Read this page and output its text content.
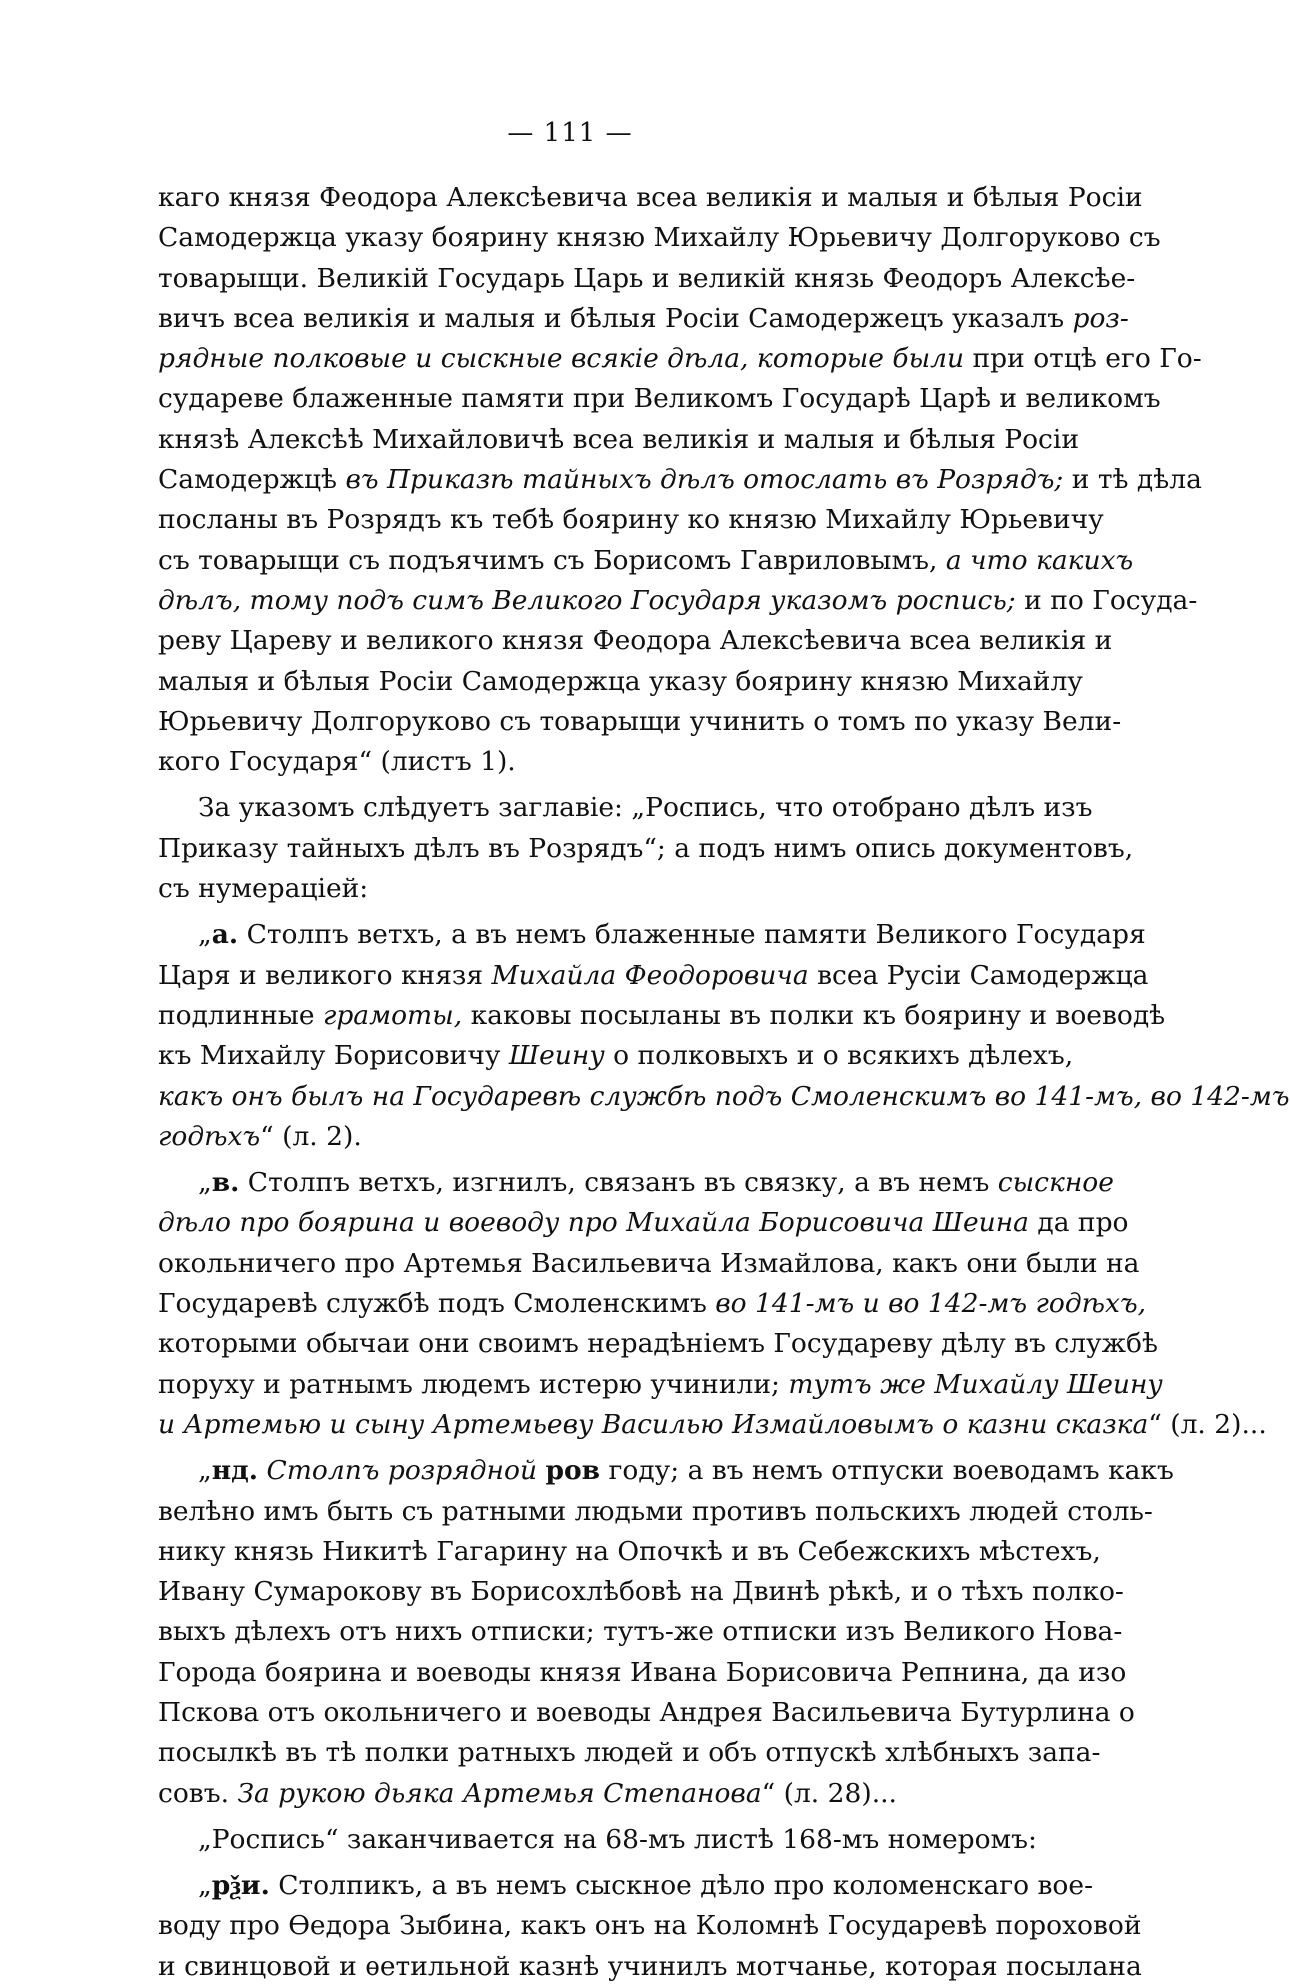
— 111 —

каго князя Феодора Алексѣевича всеа великія и малыя и бѣлыя Росіи

Самодержца указу боярину князю Михайлу Юрьевичу Долгоруково съ

товарыщи. Великій Государь Царь и великій князь Феодоръ Алексѣе-

вичъ всеа великія и малыя и бѣлыя Росіи Самодержецъ указалъ роз-

рядные полковые и сыскные всякіе дѣла, которые были при отцѣ его Го-

судареве блаженные памяти при Великомъ Государѣ Царѣ и великомъ

князѣ Алексѣѣ Михайловичѣ всеа великія и малыя и бѣлыя Росіи

Самодержцѣ въ Приказѣ тайныхъ дѣлъ отослать въ Розрядъ; и тѣ дѣла

посланы въ Розрядъ къ тебѣ боярину ко князю Михайлу Юрьевичу

съ товарыщи съ подъячимъ съ Борисомъ Гавриловымъ, а что какихъ

дѣлъ, тому подъ симъ Великого Государя указомъ роспись; и по Госуда-

реву Цареву и великого князя Феодора Алексѣевича всеа великія и

малыя и бѣлыя Росіи Самодержца указу боярину князю Михайлу

Юрьевичу Долгоруково съ товарыщи учинить о томъ по указу Вели-

кого Государя“ (листъ 1).

За указомъ слѣдуетъ заглавіе: „Роспись, что отобрано дѣлъ изъ

Приказу тайныхъ дѣлъ въ Розрядъ“; а подъ нимъ опись документовъ,

съ нумераціей:

„а. Столпъ ветхъ, а въ немъ блаженные памяти Великого Государя

Царя и великого князя Михайла Феодоровича всеа Русіи Самодержца

подлинные грамоты, каковы посыланы въ полки къ боярину и воеводѣ

къ Михайлу Борисовичу Шеину о полковыхъ и о всякихъ дѣлехъ,

какъ онъ былъ на Государевѣ службѣ подъ Смоленскимъ во 141-мъ, во 142-мъ

годѣхъ“ (л. 2).

„в. Столпъ ветхъ, изгнилъ, связанъ въ связку, а въ немъ сыскное

дѣло про боярина и воеводу про Михайла Борисовича Шеина да про

окольничего про Артемья Васильевича Измайлова, какъ они были на

Государевѣ службѣ подъ Смоленскимъ во 141-мъ и во 142-мъ годѣхъ,

которыми обычаи они своимъ нерадѣніемъ Государеву дѣлу въ службѣ

поруху и ратнымъ людемъ истерю учинили; тутъ же Михайлу Шеину

и Артемью и сыну Артемьеву Василью Измайловымъ о казни сказка“ (л. 2)...

„нд. Столпъ розрядной ров году; а въ немъ отпуски воеводамъ какъ

велѣно имъ быть съ ратными людьми противъ польскихъ людей столь-

нику князь Никитѣ Гагарину на Опочкѣ и въ Себежскихъ мѣстехъ,

Ивану Сумарокову въ Борисохлѣбовѣ на Двинѣ рѣкѣ, и о тѣхъ полко-

выхъ дѣлехъ отъ нихъ отписки; тутъ-же отписки изъ Великого Нова-

Города боярина и воеводы князя Ивана Борисовича Репнина, да изо

Пскова отъ окольничего и воеводы Андрея Васильевича Бутурлина о

посылкѣ въ тѣ полки ратныхъ людей и объ отпускѣ хлѣбныхъ запа-

совъ. За рукою дьяка Артемья Степанова“ (л. 28)...

„Роспись“ заканчивается на 68-мъ листѣ 168-мъ номеромъ:

„рѯи. Столпикъ, а въ немъ сыскное дѣло про коломенскаго вое-

воду про Ѳедора Зыбина, какъ онъ на Коломнѣ Государевѣ пороховой

и свинцовой и ѳетильной казнѣ учинилъ мотчанье, которая посылана
